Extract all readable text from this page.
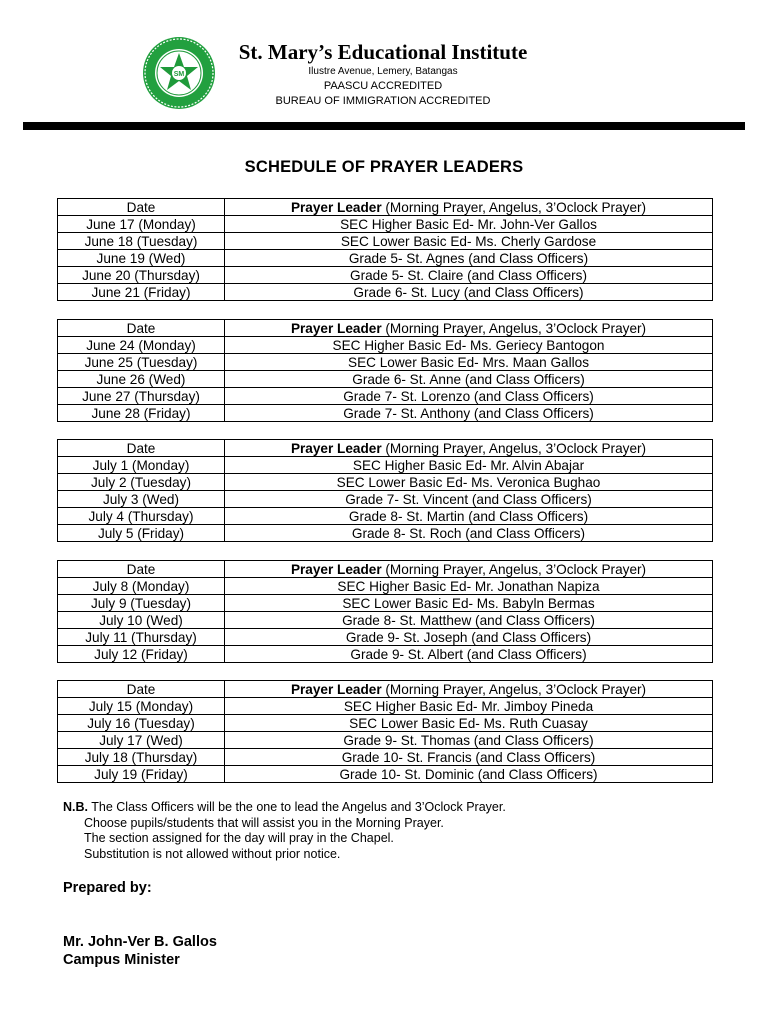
SM
St. Mary’s Educational Institute
Ilustre Avenue, Lemery, Batangas
PAASCU ACCREDITED
BUREAU OF IMMIGRATION ACCREDITED
SCHEDULE OF PRAYER LEADERS
Date	Prayer Leader (Morning Prayer, Angelus, 3’Oclock Prayer)
June 17 (Monday)	SEC Higher Basic Ed- Mr. John-Ver Gallos
June 18 (Tuesday)	SEC Lower Basic Ed- Ms. Cherly Gardose
June 19 (Wed)	Grade 5- St. Agnes (and Class Officers)
June 20 (Thursday)	Grade 5- St. Claire (and Class Officers)
June 21 (Friday)	Grade 6- St. Lucy (and Class Officers)
Date	Prayer Leader (Morning Prayer, Angelus, 3’Oclock Prayer)
June 24 (Monday)	SEC Higher Basic Ed- Ms. Geriecy Bantogon
June 25 (Tuesday)	SEC Lower Basic Ed- Mrs. Maan Gallos
June 26 (Wed)	Grade 6- St. Anne (and Class Officers)
June 27 (Thursday)	Grade 7- St. Lorenzo (and Class Officers)
June 28 (Friday)	Grade 7- St. Anthony (and Class Officers)
Date	Prayer Leader (Morning Prayer, Angelus, 3’Oclock Prayer)
July 1 (Monday)	SEC Higher Basic Ed- Mr. Alvin Abajar
July 2 (Tuesday)	SEC Lower Basic Ed- Ms. Veronica Bughao
July 3 (Wed)	Grade 7- St. Vincent (and Class Officers)
July 4 (Thursday)	Grade 8- St. Martin (and Class Officers)
July 5 (Friday)	Grade 8- St. Roch (and Class Officers)
Date	Prayer Leader (Morning Prayer, Angelus, 3’Oclock Prayer)
July 8 (Monday)	SEC Higher Basic Ed- Mr. Jonathan Napiza
July 9 (Tuesday)	SEC Lower Basic Ed- Ms. Babyln Bermas
July 10 (Wed)	Grade 8- St. Matthew (and Class Officers)
July 11 (Thursday)	Grade 9- St. Joseph (and Class Officers)
July 12 (Friday)	Grade 9- St. Albert (and Class Officers)
Date	Prayer Leader (Morning Prayer, Angelus, 3’Oclock Prayer)
July 15 (Monday)	SEC Higher Basic Ed- Mr. Jimboy Pineda
July 16 (Tuesday)	SEC Lower Basic Ed- Ms. Ruth Cuasay
July 17 (Wed)	Grade 9- St. Thomas (and Class Officers)
July 18 (Thursday)	Grade 10- St. Francis (and Class Officers)
July 19 (Friday)	Grade 10- St. Dominic (and Class Officers)
N.B. The Class Officers will be the one to lead the Angelus and 3’Oclock Prayer.
Choose pupils/students that will assist you in the Morning Prayer.
The section assigned for the day will pray in the Chapel.
Substitution is not allowed without prior notice.
Prepared by:
Mr. John-Ver B. Gallos
Campus Minister
